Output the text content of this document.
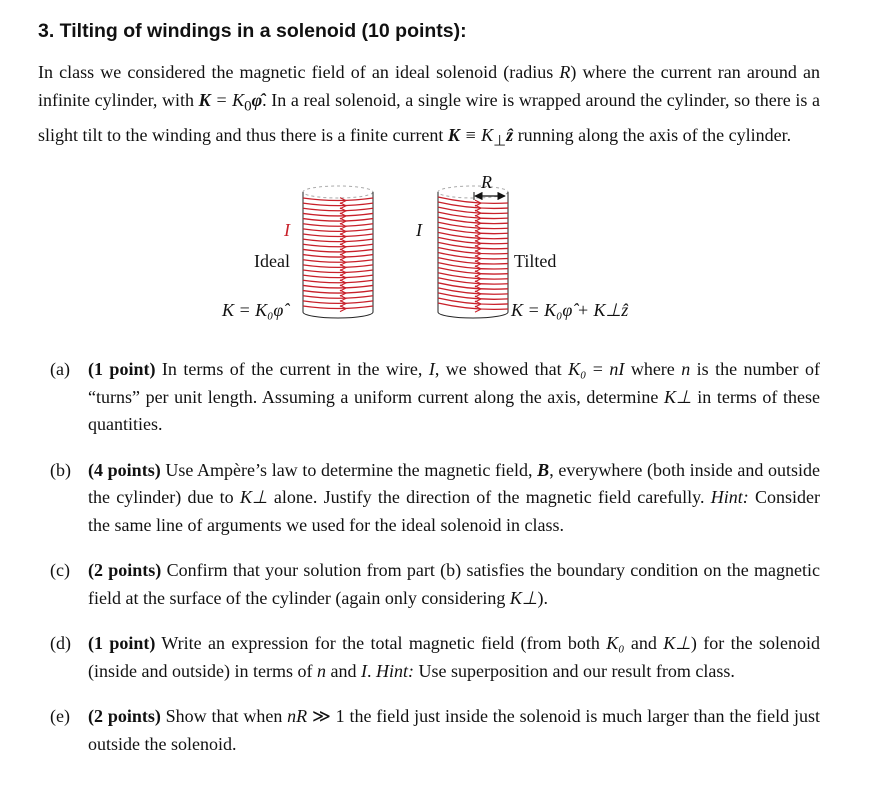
3. Tilting of windings in a solenoid (10 points):

In class we considered the magnetic field of an ideal solenoid (radius R) where the current ran around an infinite cylinder, with $K = K_0\varphî$. In a real solenoid, a single wire is wrapped around the cylinder, so there is a slight tilt to the winding and thus there is a finite current $K \equiv K_\perp ẑ$ running along the axis of the cylinder.

I
Ideal
K = K₀φ̂
I
R
Tilted
K = K₀φ̂ + K⊥ẑ
(a) (1 point) In terms of the current in the wire, I, we showed that K₀ = nI where n is the number of “turns” per unit length. Assuming a uniform current along the axis, determine K⊥ in terms of these quantities.
(b) (4 points) Use Ampère’s law to determine the magnetic field, B, everywhere (both inside and outside the cylinder) due to K⊥ alone. Justify the direction of the magnetic field carefully. Hint: Consider the same line of arguments we used for the ideal solenoid in class.
(c) (2 points) Confirm that your solution from part (b) satisfies the boundary condition on the magnetic field at the surface of the cylinder (again only considering K⊥).
(d) (1 point) Write an expression for the total magnetic field (from both K₀ and K⊥) for the solenoid (inside and outside) in terms of n and I. Hint: Use superposition and our result from class.
(e) (2 points) Show that when nR ≫ 1 the field just inside the solenoid is much larger than the field just outside the solenoid.
